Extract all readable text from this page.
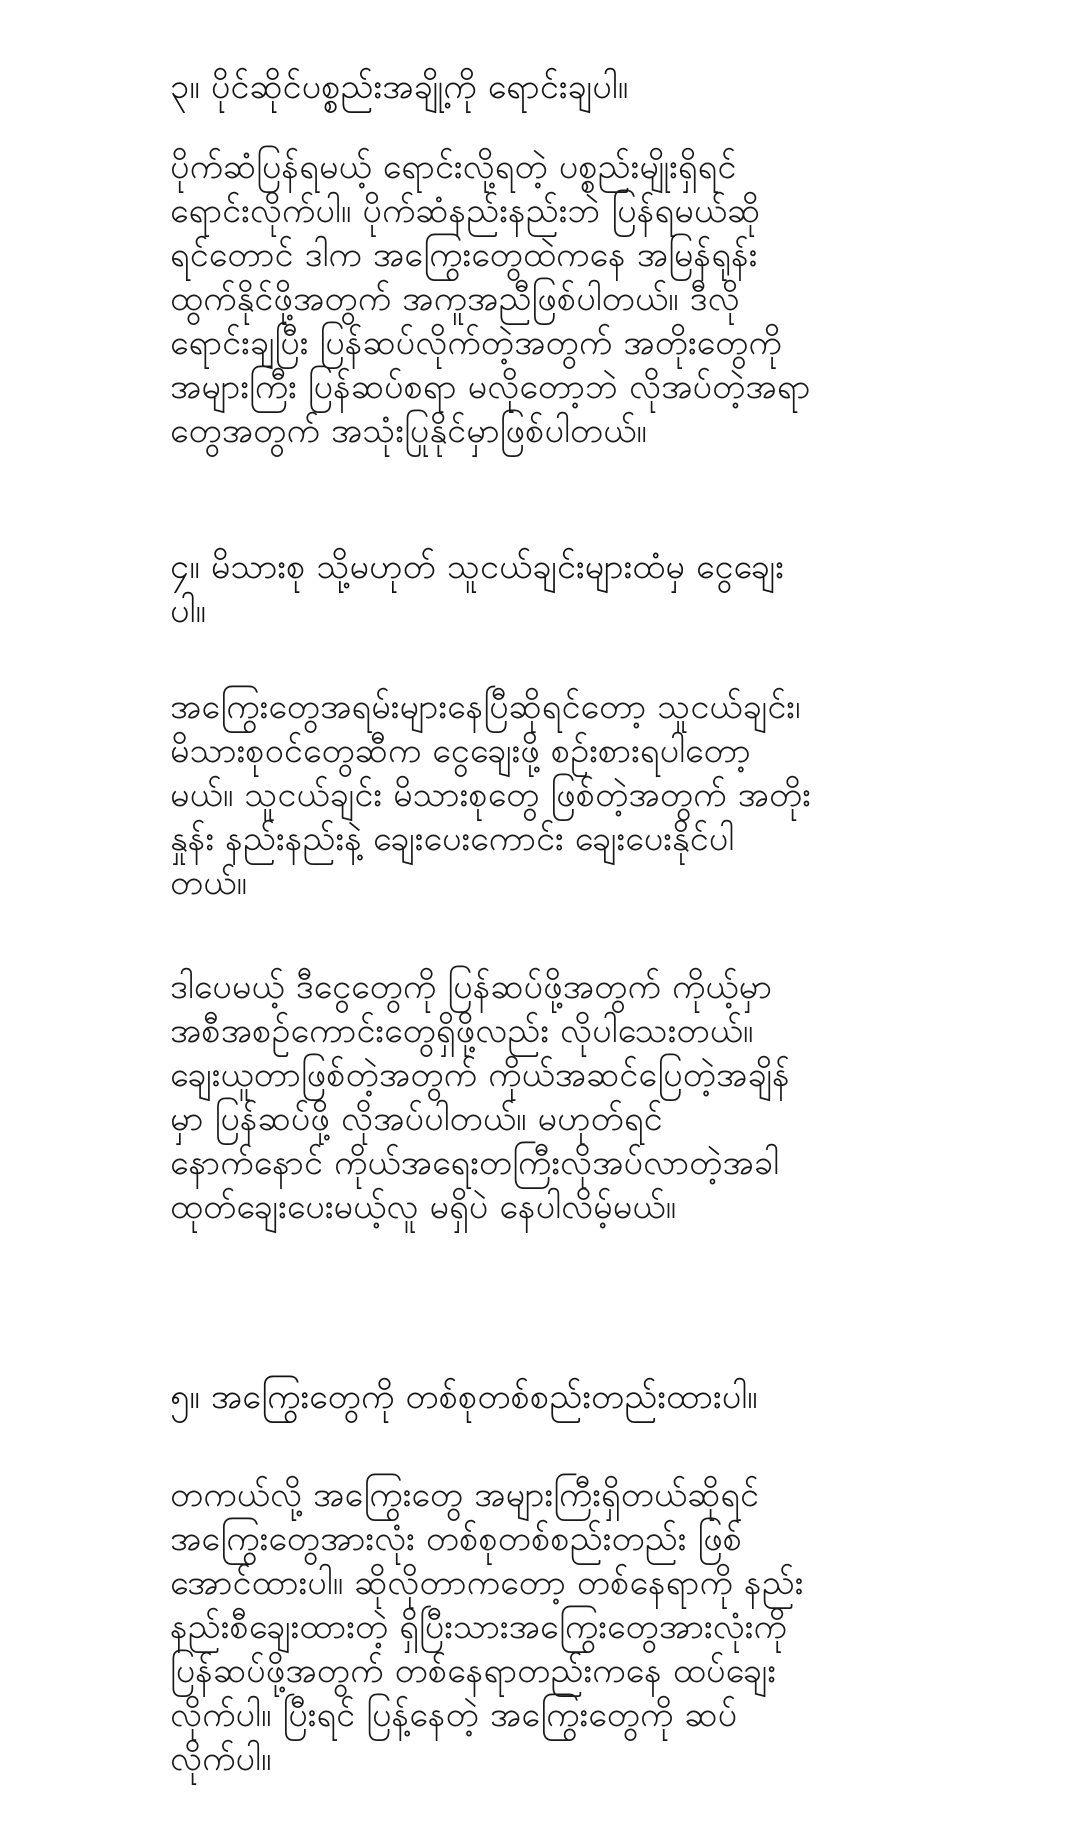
၃။ ပိုင်ဆိုင်ပစ္စည်းအချို့ကို ရောင်းချပါ။

ပိုက်ဆံပြန်ရမယ့် ရောင်းလို့ရတဲ့ ပစ္စည်းမျိုးရှိရင်

ရောင်းလိုက်ပါ။ ပိုက်ဆံနည်းနည်းဘဲ ပြန်ရမယ်ဆို

ရင်တောင် ဒါက အကြွေးတွေထဲကနေ အမြန်ရုန်း

ထွက်နိုင်ဖို့အတွက် အကူအညီဖြစ်ပါတယ်။ ဒီလို

ရောင်းချပြီး ပြန်ဆပ်လိုက်တဲ့အတွက် အတိုးတွေကို

အများကြီး ပြန်ဆပ်စရာ မလိုတော့ဘဲ လိုအပ်တဲ့အရာ

တွေအတွက် အသုံးပြုနိုင်မှာဖြစ်ပါတယ်။

၄။ မိသားစု သို့မဟုတ် သူငယ်ချင်းများထံမှ ငွေချေး

ပါ။

အကြွေးတွေအရမ်းများနေပြီဆိုရင်တော့ သူငယ်ချင်း၊

မိသားစုဝင်တွေဆီက ငွေချေးဖို့ စဉ်းစားရပါတော့

မယ်။ သူငယ်ချင်း မိသားစုတွေ ဖြစ်တဲ့အတွက် အတိုး

နှုန်း နည်းနည်းနဲ့ ချေးပေးကောင်း ချေးပေးနိုင်ပါ

တယ်။

ဒါပေမယ့် ဒီငွေတွေကို ပြန်ဆပ်ဖို့အတွက် ကိုယ့်မှာ

အစီအစဉ်ကောင်းတွေရှိဖို့လည်း လိုပါသေးတယ်။

ချေးယူတာဖြစ်တဲ့အတွက် ကိုယ်အဆင်ပြေတဲ့အချိန်

မှာ ပြန်ဆပ်ဖို့ လိုအပ်ပါတယ်။ မဟုတ်ရင်

နောက်နောင် ကိုယ်အရေးတကြီးလိုအပ်လာတဲ့အခါ

ထုတ်ချေးပေးမယ့်လူ မရှိပဲ နေပါလိမ့်မယ်။

၅။ အကြွေးတွေကို တစ်စုတစ်စည်းတည်းထားပါ။

တကယ်လို့ အကြွေးတွေ အများကြီးရှိတယ်ဆိုရင်

အကြွေးတွေအားလုံး တစ်စုတစ်စည်းတည်း ဖြစ်

အောင်ထားပါ။ ဆိုလိုတာကတော့ တစ်နေရာကို နည်း

နည်းစီချေးထားတဲ့ ရှိပြီးသားအကြွေးတွေအားလုံးကို

ပြန်ဆပ်ဖို့အတွက် တစ်နေရာတည်းကနေ ထပ်ချေး

လိုက်ပါ။ ပြီးရင် ပြန့်နေတဲ့ အကြွေးတွေကို ဆပ်

လိုက်ပါ။
